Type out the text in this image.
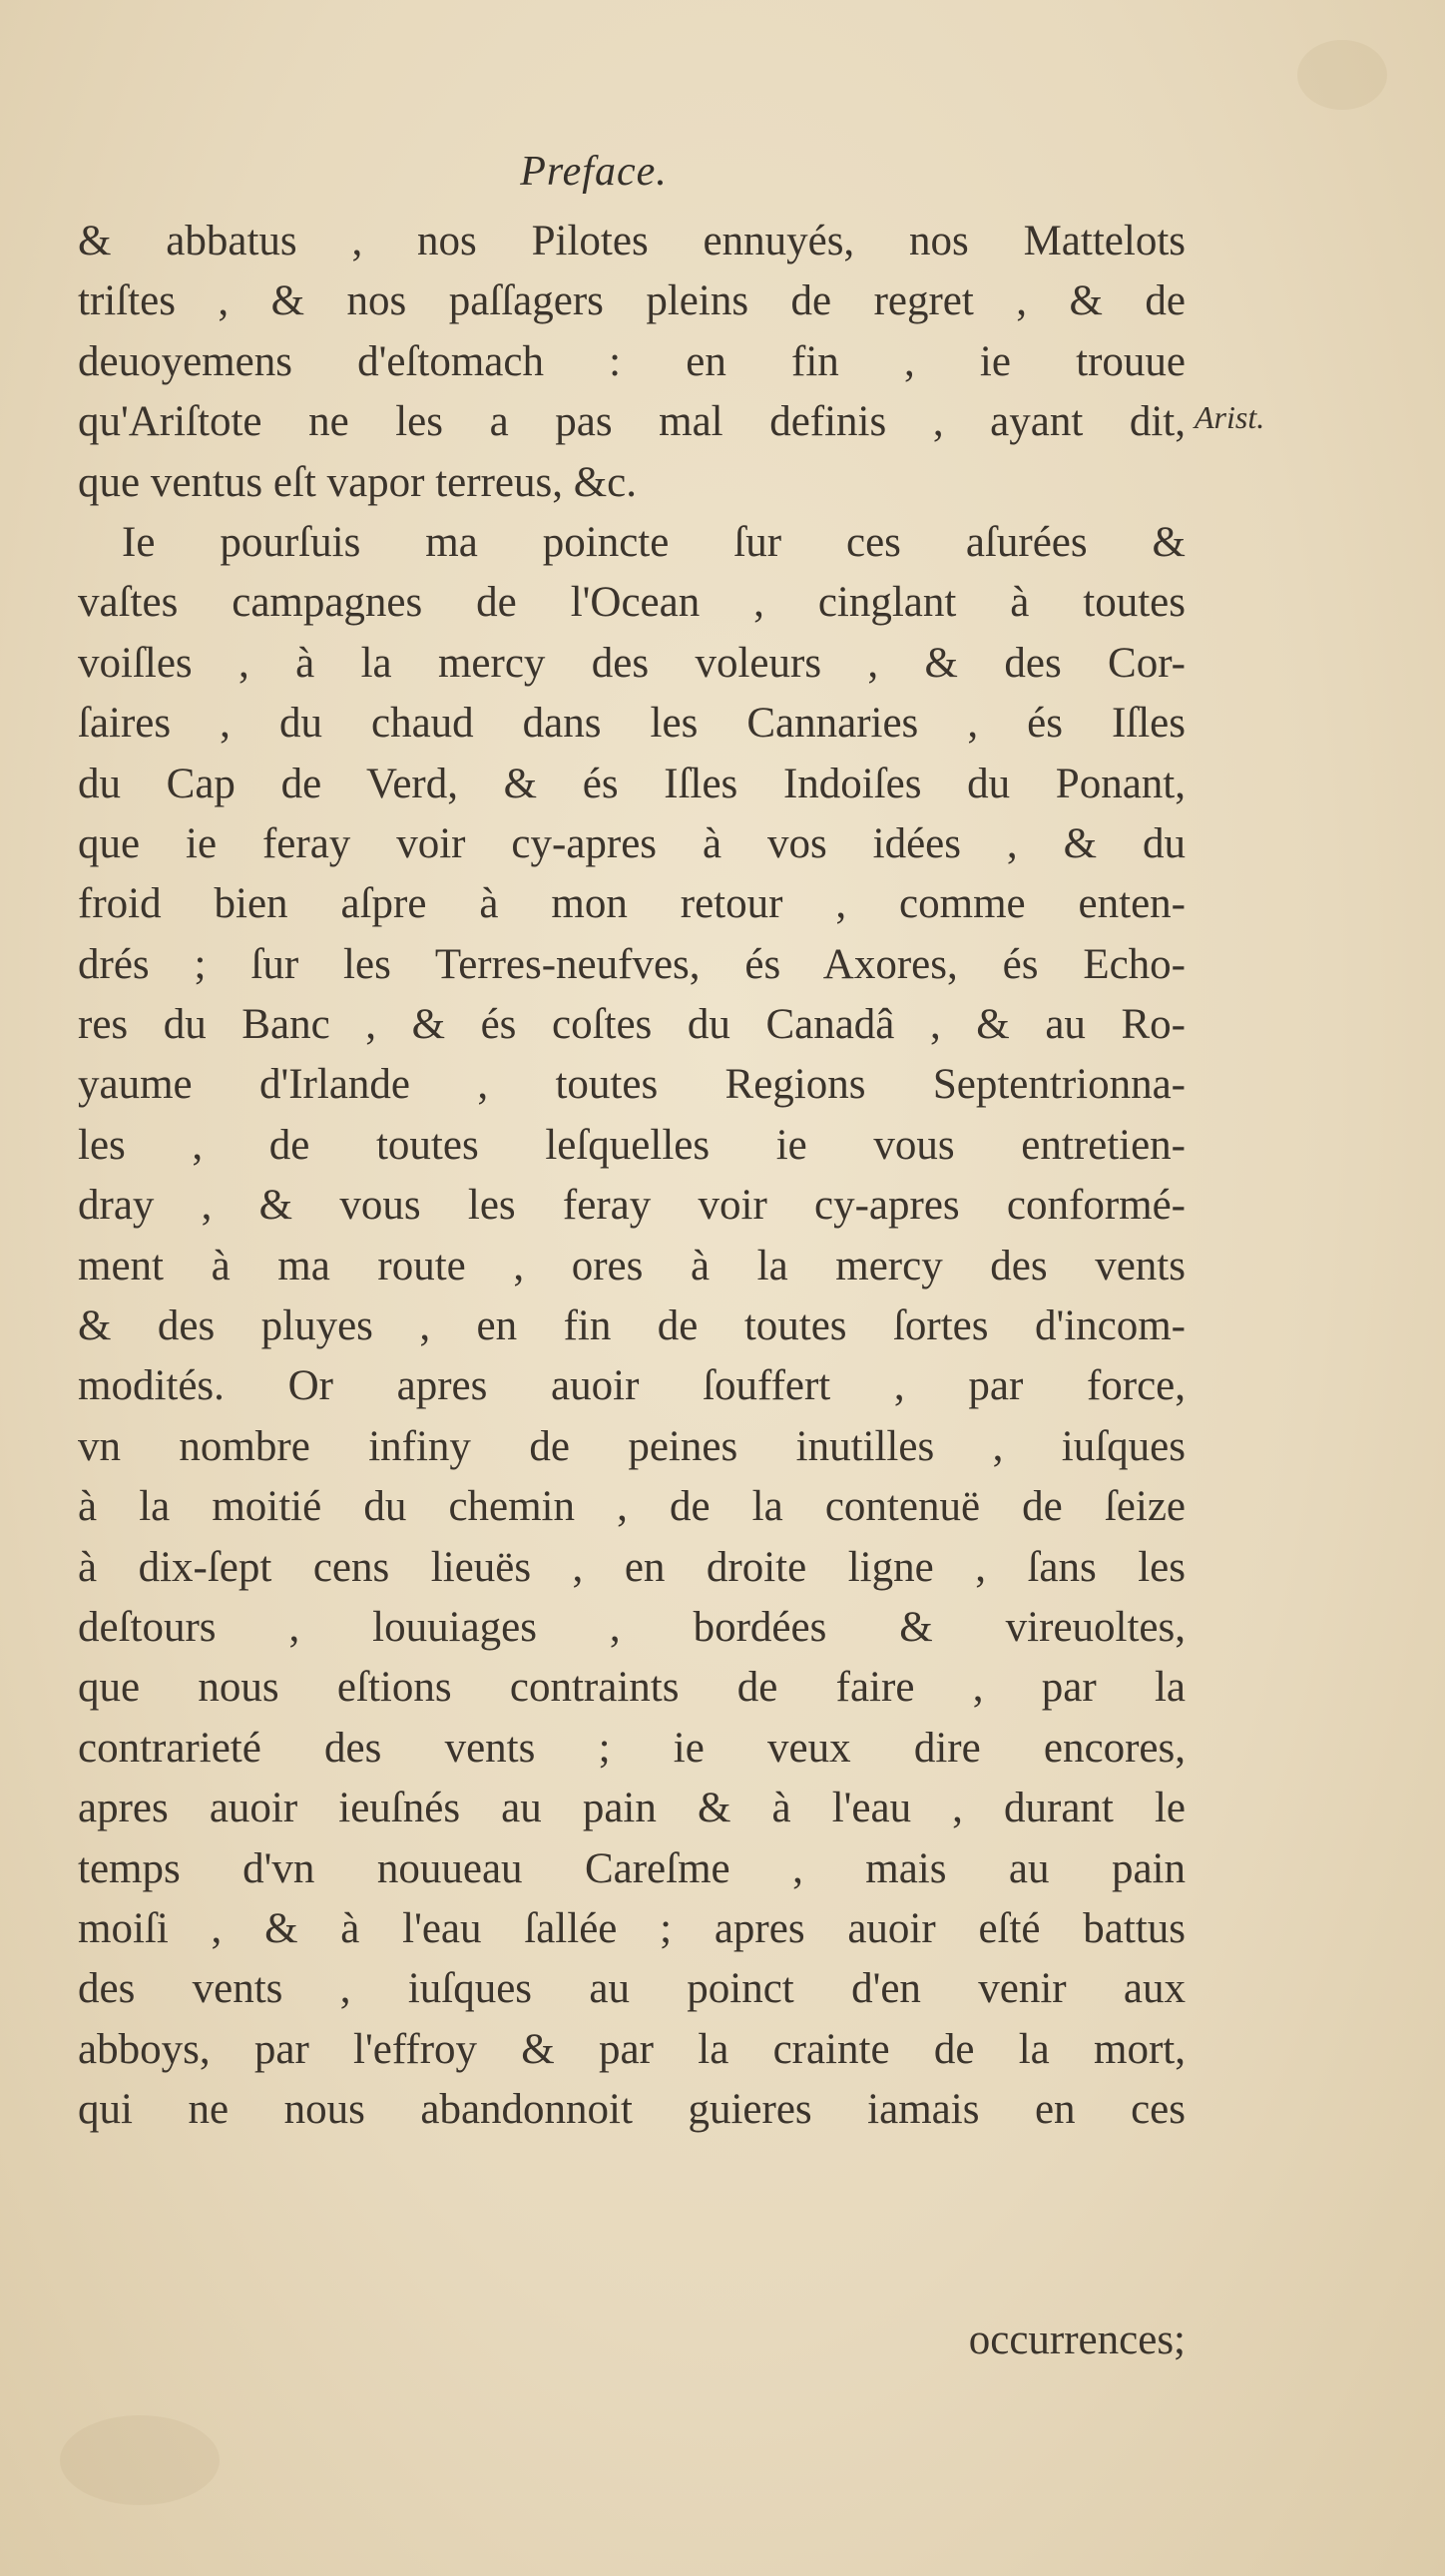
Preface.
Arist.
& abbatus , nos Pilotes ennuyés, nos Mattelots
triſtes , & nos paſſagers pleins de regret , & de
deuoyemens d'eſtomach : en fin , ie trouue
qu'Ariſtote ne les a pas mal definis , ayant dit,
que ventus eſt vapor terreus, &c.
Ie pourſuis ma poincte ſur ces aſurées &
vaſtes campagnes de l'Ocean , cinglant à toutes
voiſles , à la mercy des voleurs , & des Cor-
ſaires , du chaud dans les Cannaries , és Iſles
du Cap de Verd, & és Iſles Indoiſes du Ponant,
que ie feray voir cy-apres à vos idées , & du
froid bien aſpre à mon retour , comme enten-
drés ; ſur les Terres-neufves, és Axores, és Echo-
res du Banc , & és coſtes du Canadâ , & au Ro-
yaume d'Irlande , toutes Regions Septentrionna-
les , de toutes leſquelles ie vous entretien-
dray , & vous les feray voir cy-apres conformé-
ment à ma route , ores à la mercy des vents
& des pluyes , en fin de toutes ſortes d'incom-
modités. Or apres auoir ſouffert , par force,
vn nombre infiny de peines inutilles , iuſques
à la moitié du chemin , de la contenuë de ſeize
à dix-ſept cens lieuës , en droite ligne , ſans les
deſtours , louuiages , bordées & vireuoltes,
que nous eſtions contraints de faire , par la
contrarieté des vents ; ie veux dire encores,
apres auoir ieuſnés au pain & à l'eau , durant le
temps d'vn nouueau Careſme , mais au pain
moiſi , & à l'eau ſallée ; apres auoir eſté battus
des vents , iuſques au poinct d'en venir aux
abboys, par l'effroy & par la crainte de la mort,
qui ne nous abandonnoit guieres iamais en ces
occurrences;
